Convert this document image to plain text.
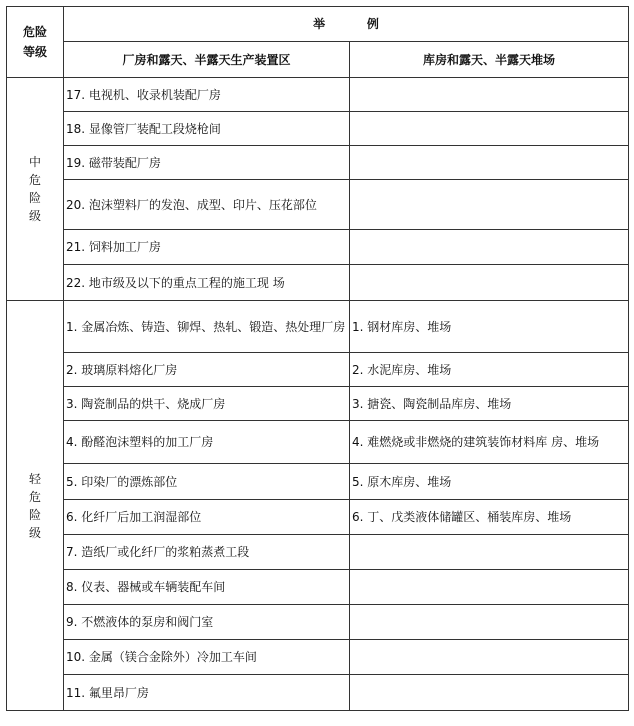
危险
等级	举          例	
	厂房和露天、半露天生产装置区	库房和露天、半露天堆场
中
危
险
级	17. 电视机、收录机装配厂房	
	18. 显像管厂装配工段烧枪间	
	19. 磁带装配厂房	
	20. 泡沫塑料厂的发泡、成型、印片、压花部位	
	21. 饲料加工厂房	
	22. 地市级及以下的重点工程的施工现 场	
轻
危
险
级	1. 金属冶炼、铸造、铆焊、热轧、锻造、热处理厂房	1. 钢材库房、堆场
	2. 玻璃原料熔化厂房	2. 水泥库房、堆场
	3. 陶瓷制品的烘干、烧成厂房	3. 搪瓷、陶瓷制品库房、堆场
	4. 酚醛泡沫塑料的加工厂房	4. 难燃烧或非燃烧的建筑装饰材料库 房、堆场
	5. 印染厂的漂炼部位	5. 原木库房、堆场
	6. 化纤厂后加工润湿部位	6. 丁、戊类液体储罐区、桶装库房、堆场
	7. 造纸厂或化纤厂的浆粕蒸煮工段	
	8. 仪表、器械或车辆装配车间	
	9. 不燃液体的泵房和阀门室	
	10. 金属（镁合金除外）冷加工车间	
	11. 氟里昂厂房	
